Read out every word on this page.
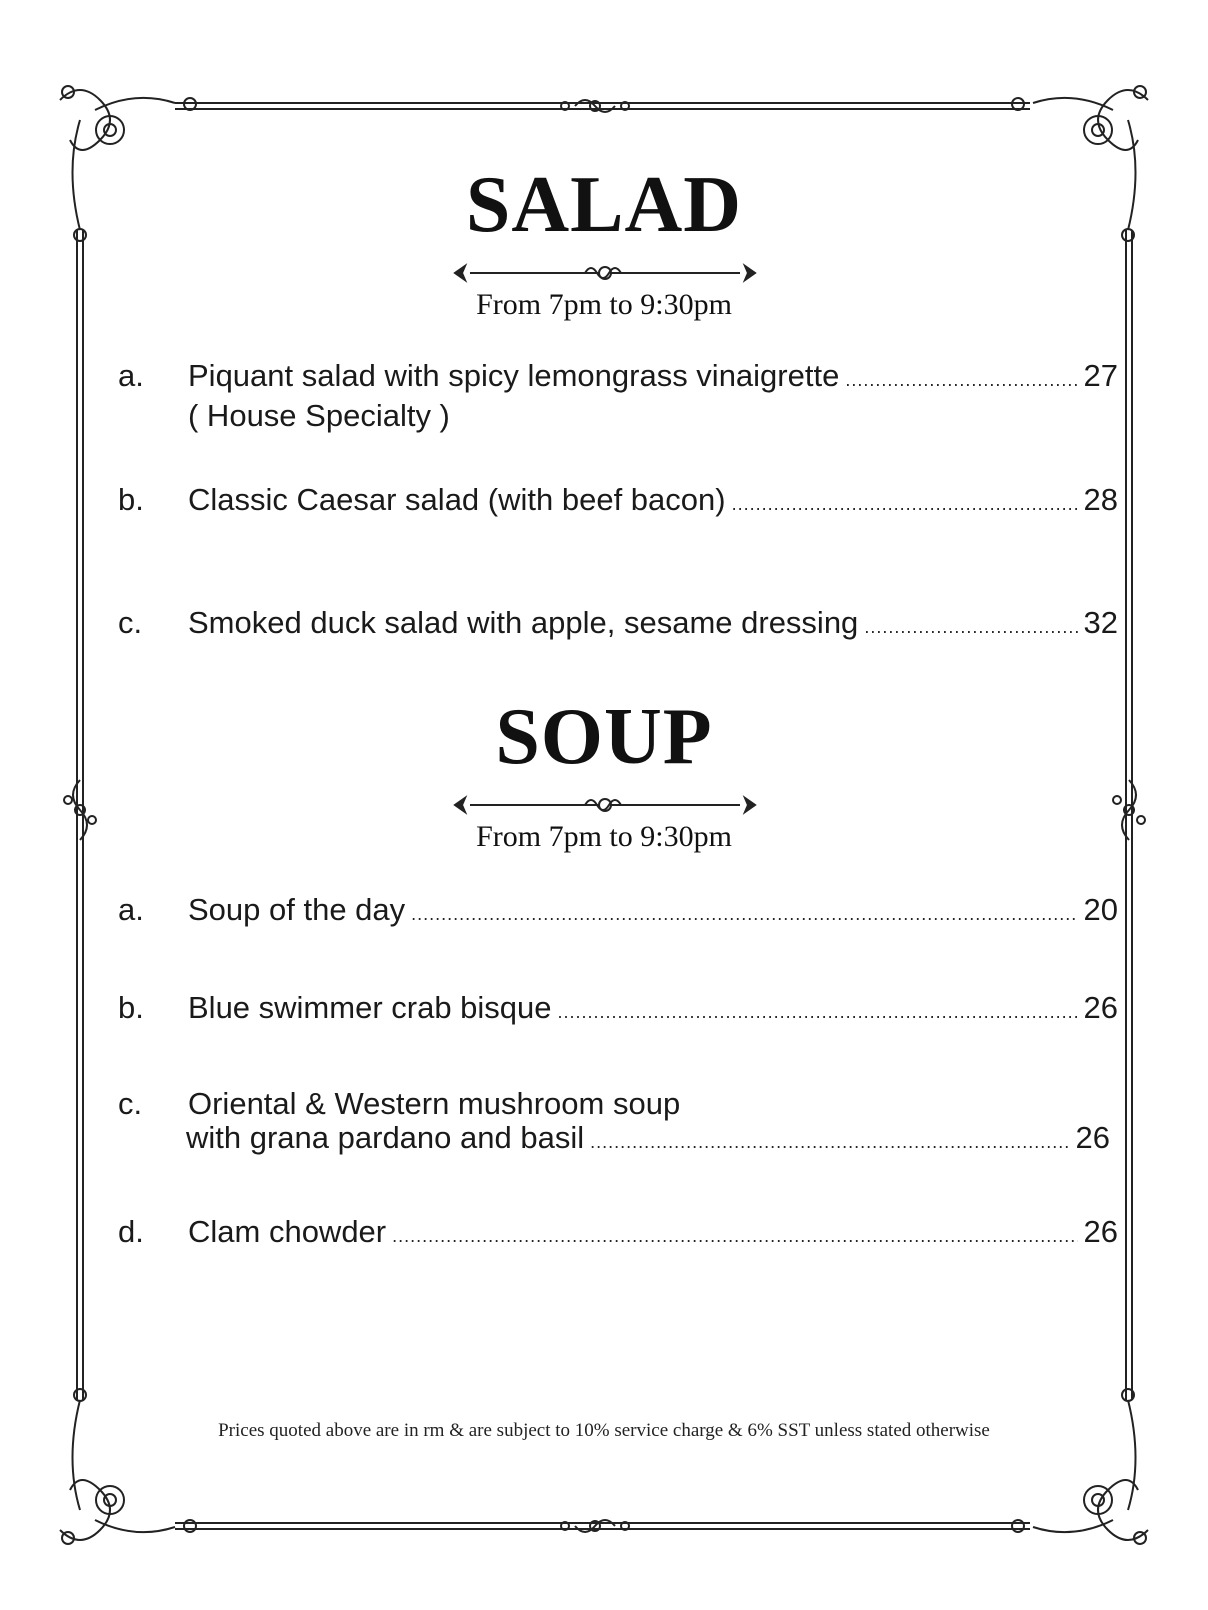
SALAD
From 7pm to 9:30pm
a. Piquant salad with spicy lemongrass vinaigrette .....	27
( House Specialty )
b. Classic Caesar salad (with beef bacon) .....	28
c. Smoked duck salad with apple, sesame dressing .....	32
SOUP
From 7pm to 9:30pm
a. Soup of the day .....	20
b. Blue swimmer crab bisque .....	26
c. Oriental & Western mushroom soup
with grana pardano and basil .....	26
d. Clam chowder .....	26
Prices quoted above are in rm & are subject to 10% service charge & 6% SST unless stated otherwise
